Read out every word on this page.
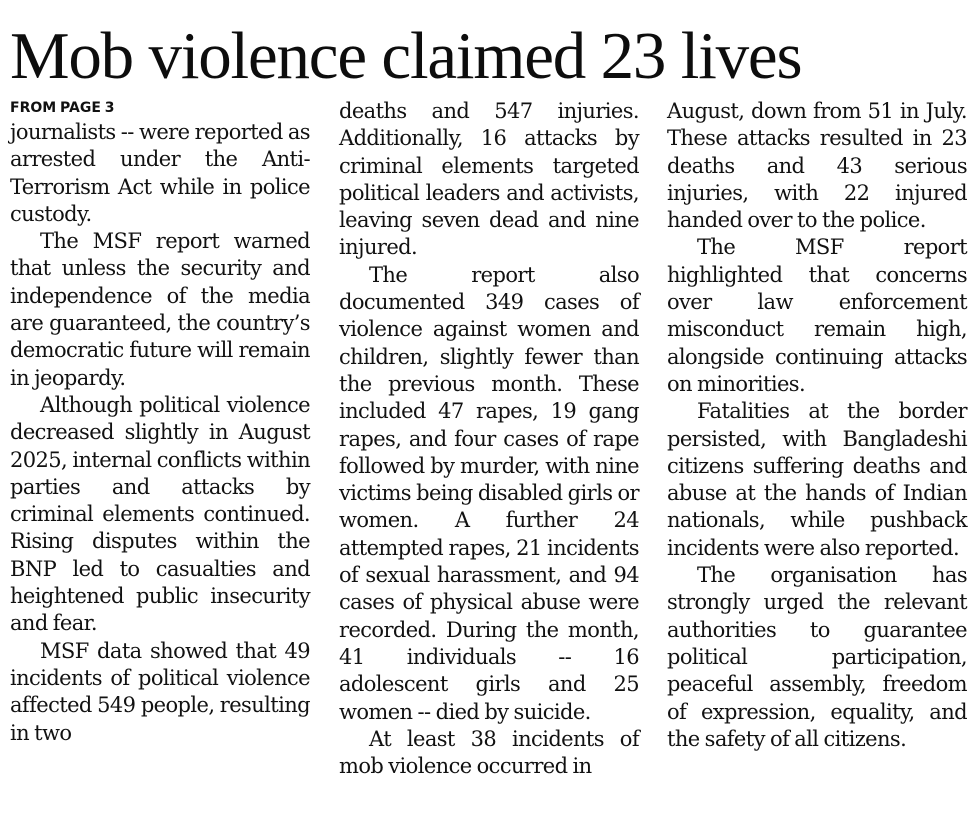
Mob violence claimed 23 lives
FROM PAGE 3

journalists -- were reported as arrested under the Anti-Terrorism Act while in police custody.

The MSF report warned that unless the security and independence of the media are guaranteed, the country’s democratic future will remain in jeopardy.

Although political violence decreased slightly in August 2025, internal conflicts within parties and attacks by criminal elements continued. Rising disputes within the BNP led to casualties and heightened public insecurity and fear.

MSF data showed that 49 incidents of political violence affected 549 people, resulting in two

deaths and 547 injuries. Additionally, 16 attacks by criminal elements targeted political leaders and activists, leaving seven dead and nine injured.

The report also documented 349 cases of violence against women and children, slightly fewer than the previous month. These included 47 rapes, 19 gang rapes, and four cases of rape followed by murder, with nine victims being disabled girls or women. A further 24 attempted rapes, 21 incidents of sexual harassment, and 94 cases of physical abuse were recorded. During the month, 41 individuals -- 16 adolescent girls and 25 women -- died by suicide.

At least 38 incidents of mob violence occurred in

August, down from 51 in July. These attacks resulted in 23 deaths and 43 serious injuries, with 22 injured handed over to the police.

The MSF report highlighted that concerns over law enforcement misconduct remain high, alongside continuing attacks on minorities.

Fatalities at the border persisted, with Bangladeshi citizens suffering deaths and abuse at the hands of Indian nationals, while pushback incidents were also reported.

The organisation has strongly urged the relevant authorities to guarantee political participation, peaceful assembly, freedom of expression, equality, and the safety of all citizens.
